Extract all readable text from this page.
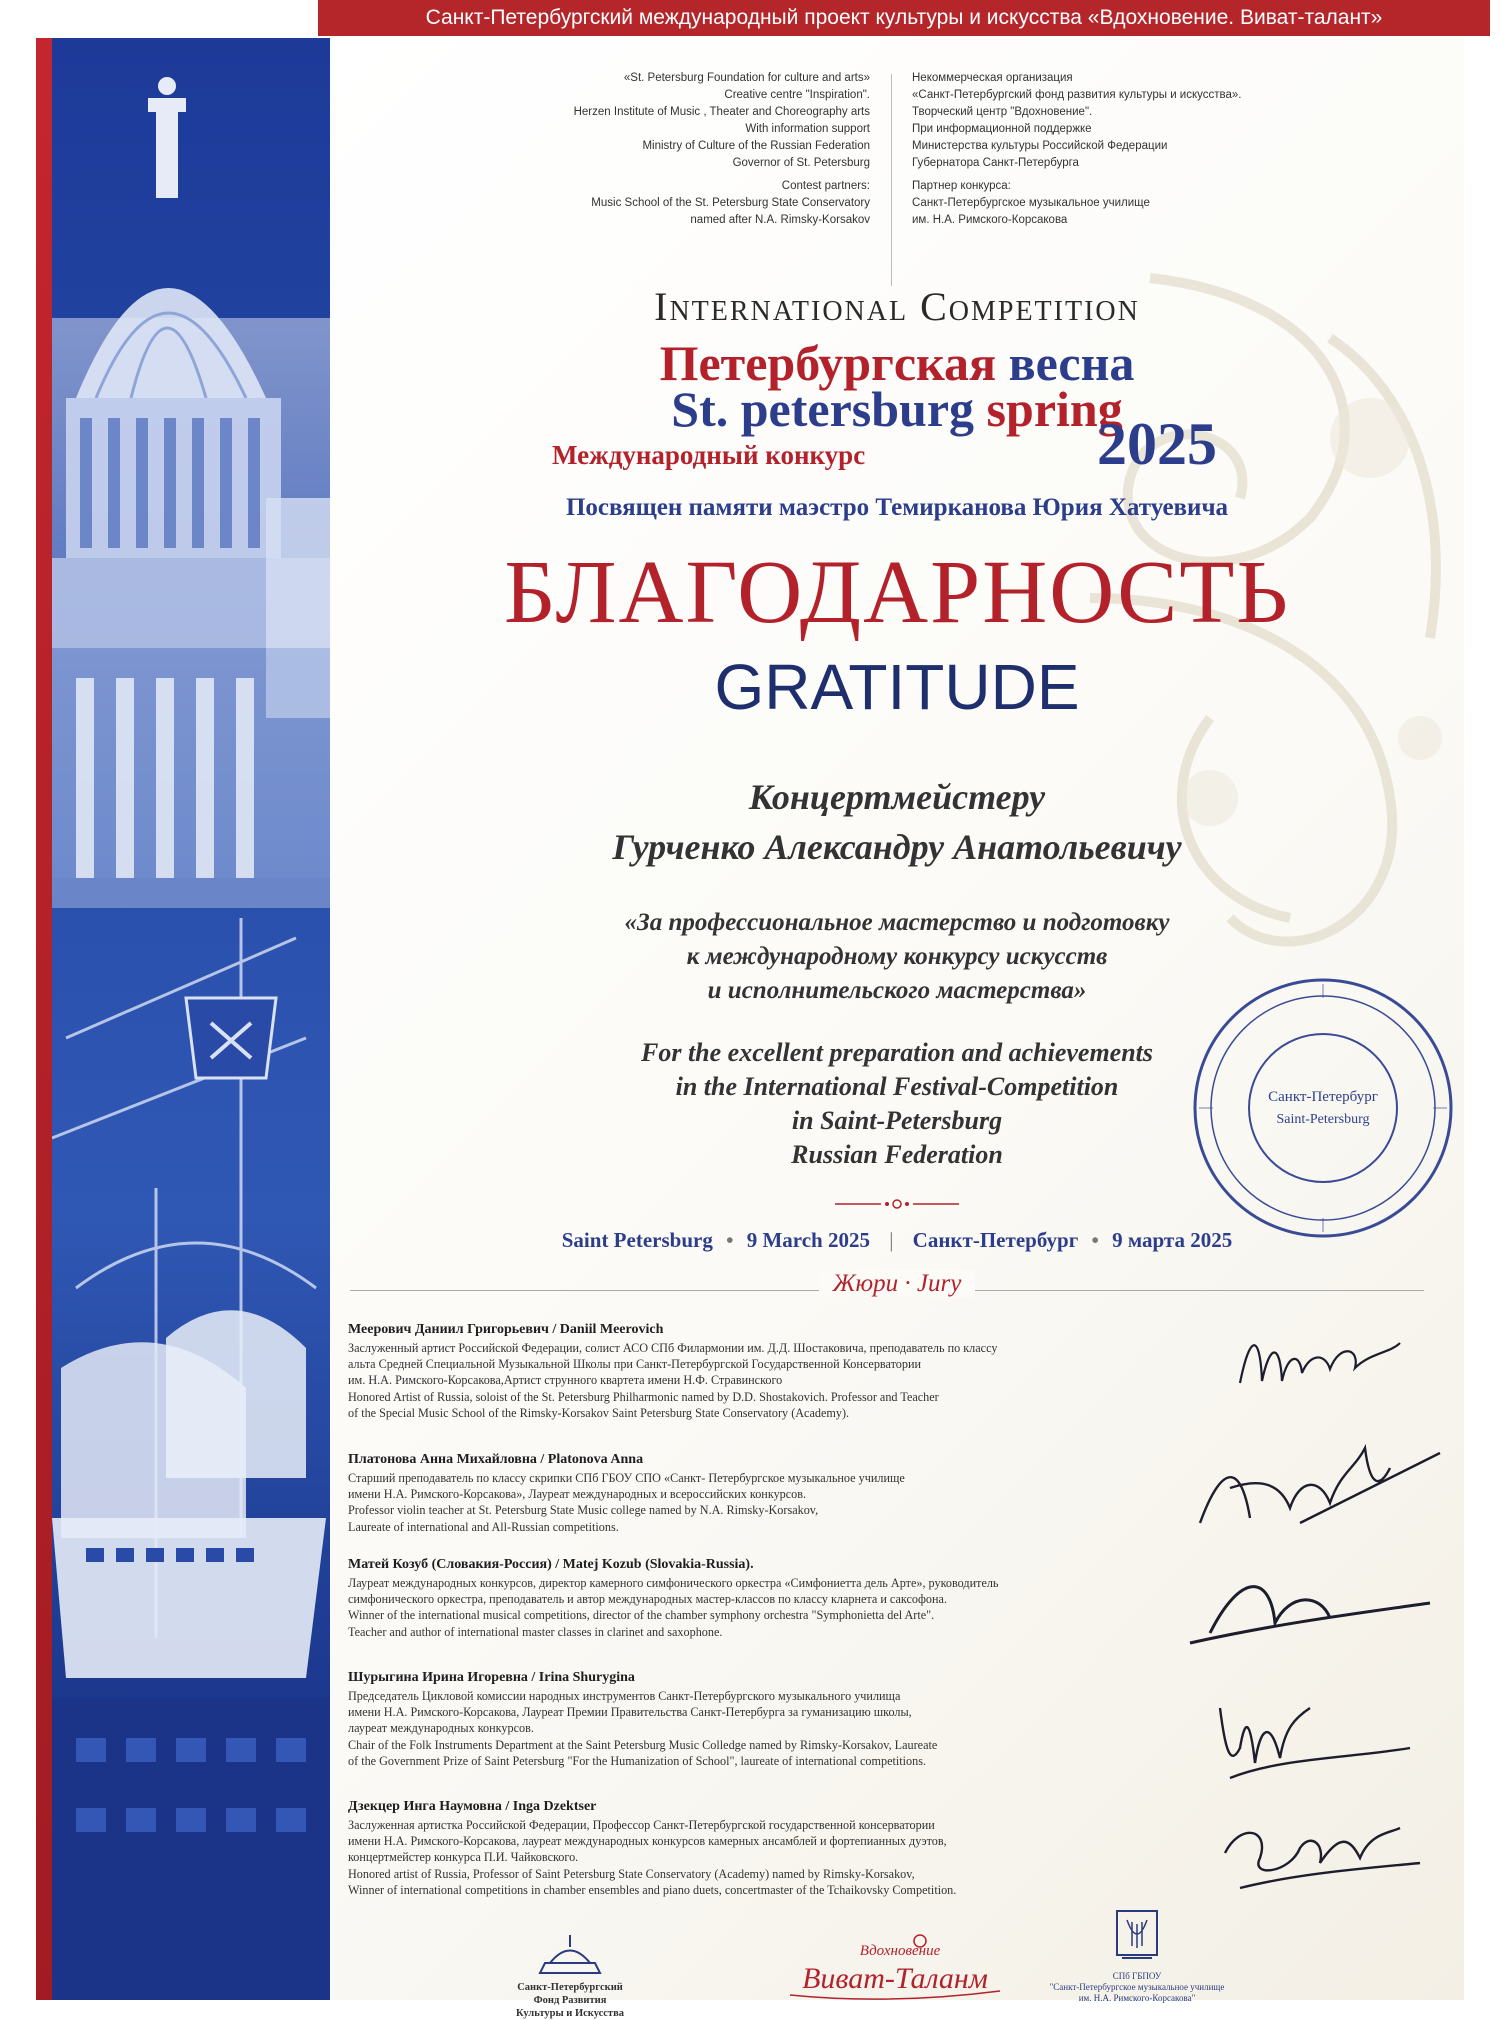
Санкт-Петербургский международный проект культуры и искусства «Вдохновение. Виват-талант»
«St. Petersburg Foundation for culture and arts»
Creative centre "Inspiration".
Herzen Institute of Music , Theater and Choreography arts
With information support
Ministry of Culture of the Russian Federation
Governor of St. Petersburg
Contest partners:
Music School of the St. Petersburg State Conservatory
named after N.A. Rimsky-Korsakov
Некоммерческая организация
«Санкт-Петербургский фонд развития культуры и искусства».
Творческий центр "Вдохновение".
При информационной поддержке
Министерства культуры Российской Федерации
Губернатора Санкт-Петербурга
Партнер конкурса:
Санкт-Петербургское музыкальное училище
им. Н.А. Римского-Корсакова
International Competition
Петербургская весна
St. petersburg spring
Международный конкурс	2025
Посвящен памяти маэстро Темирканова Юрия Хатуевича
БЛАГОДАРНОСТЬ
GRATITUDE
Концертмейстеру
Гурченко Александру Анатольевичу
«За профессиональное мастерство и подготовку
к международному конкурсу искусств
и исполнительского мастерства»
For the excellent preparation and achievements
in the International Festival-Competition
in Saint-Petersburg
Russian Federation
Saint Petersburg • 9 March 2025 | Санкт-Петербург • 9 марта 2025
Жюри · Jury
Меерович Даниил Григорьевич / Daniil Meerovich
Заслуженный артист Российской Федерации, солист АСО СПб Филармонии им. Д.Д. Шостаковича, преподаватель по классу
альта Средней Специальной Музыкальной Школы при Санкт-Петербургской Государственной Консерватории
им. Н.А. Римского-Корсакова,Артист струнного квартета имени Н.Ф. Стравинского
Honored Artist of Russia, soloist of the St. Petersburg Philharmonic named by D.D. Shostakovich. Professor and Teacher
of the Special Music School of the Rimsky-Korsakov Saint Petersburg State Conservatory (Academy).
Платонова Анна Михайловна / Platonova Anna
Старший преподаватель по классу скрипки СПб ГБОУ СПО «Санкт- Петербургское музыкальное училище
имени Н.А. Римского-Корсакова», Лауреат международных и всероссийских конкурсов.
Professor violin teacher at St. Petersburg State Music college named by N.A. Rimsky-Korsakov,
Laureate of international and All-Russian competitions.
Матей Козуб (Словакия-Россия) / Matej Kozub (Slovakia-Russia).
Лауреат международных конкурсов, директор камерного симфонического оркестра «Симфониетта дель Арте», руководитель
симфонического оркестра, преподаватель и автор международных мастер-классов по классу кларнета и саксофона.
Winner of the international musical competitions, director of the chamber symphony orchestra "Symphonietta del Arte".
Teacher and author of international master classes in clarinet and saxophone.
Шурыгина Ирина Игоревна / Irina Shurygina
Председатель Цикловой комиссии народных инструментов Санкт-Петербургского музыкального училища
имени Н.А. Римского-Корсакова, Лауреат Премии Правительства Санкт-Петербурга за гуманизацию школы,
лауреат международных конкурсов.
Chair of the Folk Instruments Department at the Saint Petersburg Music Colledge named by Rimsky-Korsakov, Laureate
of the Government Prize of Saint Petersburg "For the Humanization of School", laureate of international competitions.
Дзекцер Инга Наумовна / Inga Dzektser
Заслуженная артистка Российской Федерации, Профессор Санкт-Петербургской государственной консерватории
имени Н.А. Римского-Корсакова, лауреат международных конкурсов камерных ансамблей и фортепианных дуэтов,
концертмейстер конкурса П.И. Чайковского.
Honored artist of Russia, Professor of Saint Petersburg State Conservatory (Academy) named by Rimsky-Korsakov,
Winner of international competitions in chamber ensembles and piano duets, concertmaster of the Tchaikovsky Competition.
Санкт-Петербург
Saint-Petersburg
Санкт-Петербургский
Фонд Развития
Культуры и Искусства
Вдохновение
Виват-Таланм	СПб ГБПОУ
"Санкт-Петербургское музыкальное училище
им. Н.А. Римского-Корсакова"
